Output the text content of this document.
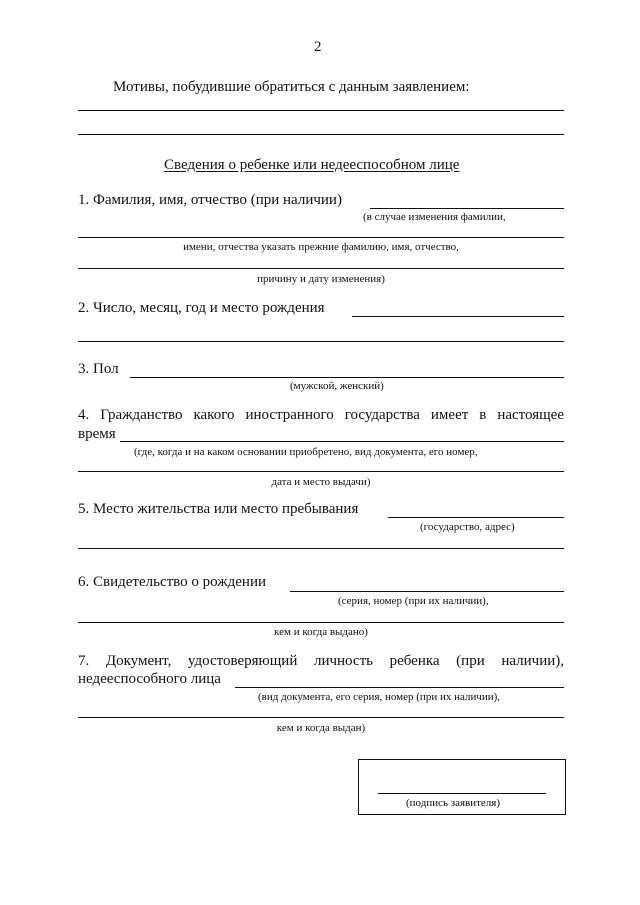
2
Мотивы, побудившие обратиться с данным заявлением:
Сведения о ребенке или недееспособном лице
1. Фамилия, имя, отчество (при наличии)
(в случае изменения фамилии,
имени, отчества указать прежние фамилию, имя, отчество,
причину и дату изменения)
2. Число, месяц, год и место рождения
3. Пол
(мужской, женский)
4. Гражданство какого иностранного государства имеет в настоящее
время
(где, когда и на каком основании приобретено, вид документа, его номер,
дата и место выдачи)
5. Место жительства или место пребывания
(государство, адрес)
6. Свидетельство о рождении
(серия, номер (при их наличии),
кем и когда выдано)
7. Документ, удостоверяющий личность ребенка (при наличии),
недееспособного лица
(вид документа, его серия, номер (при их наличии),
кем и когда выдан)
(подпись заявителя)
